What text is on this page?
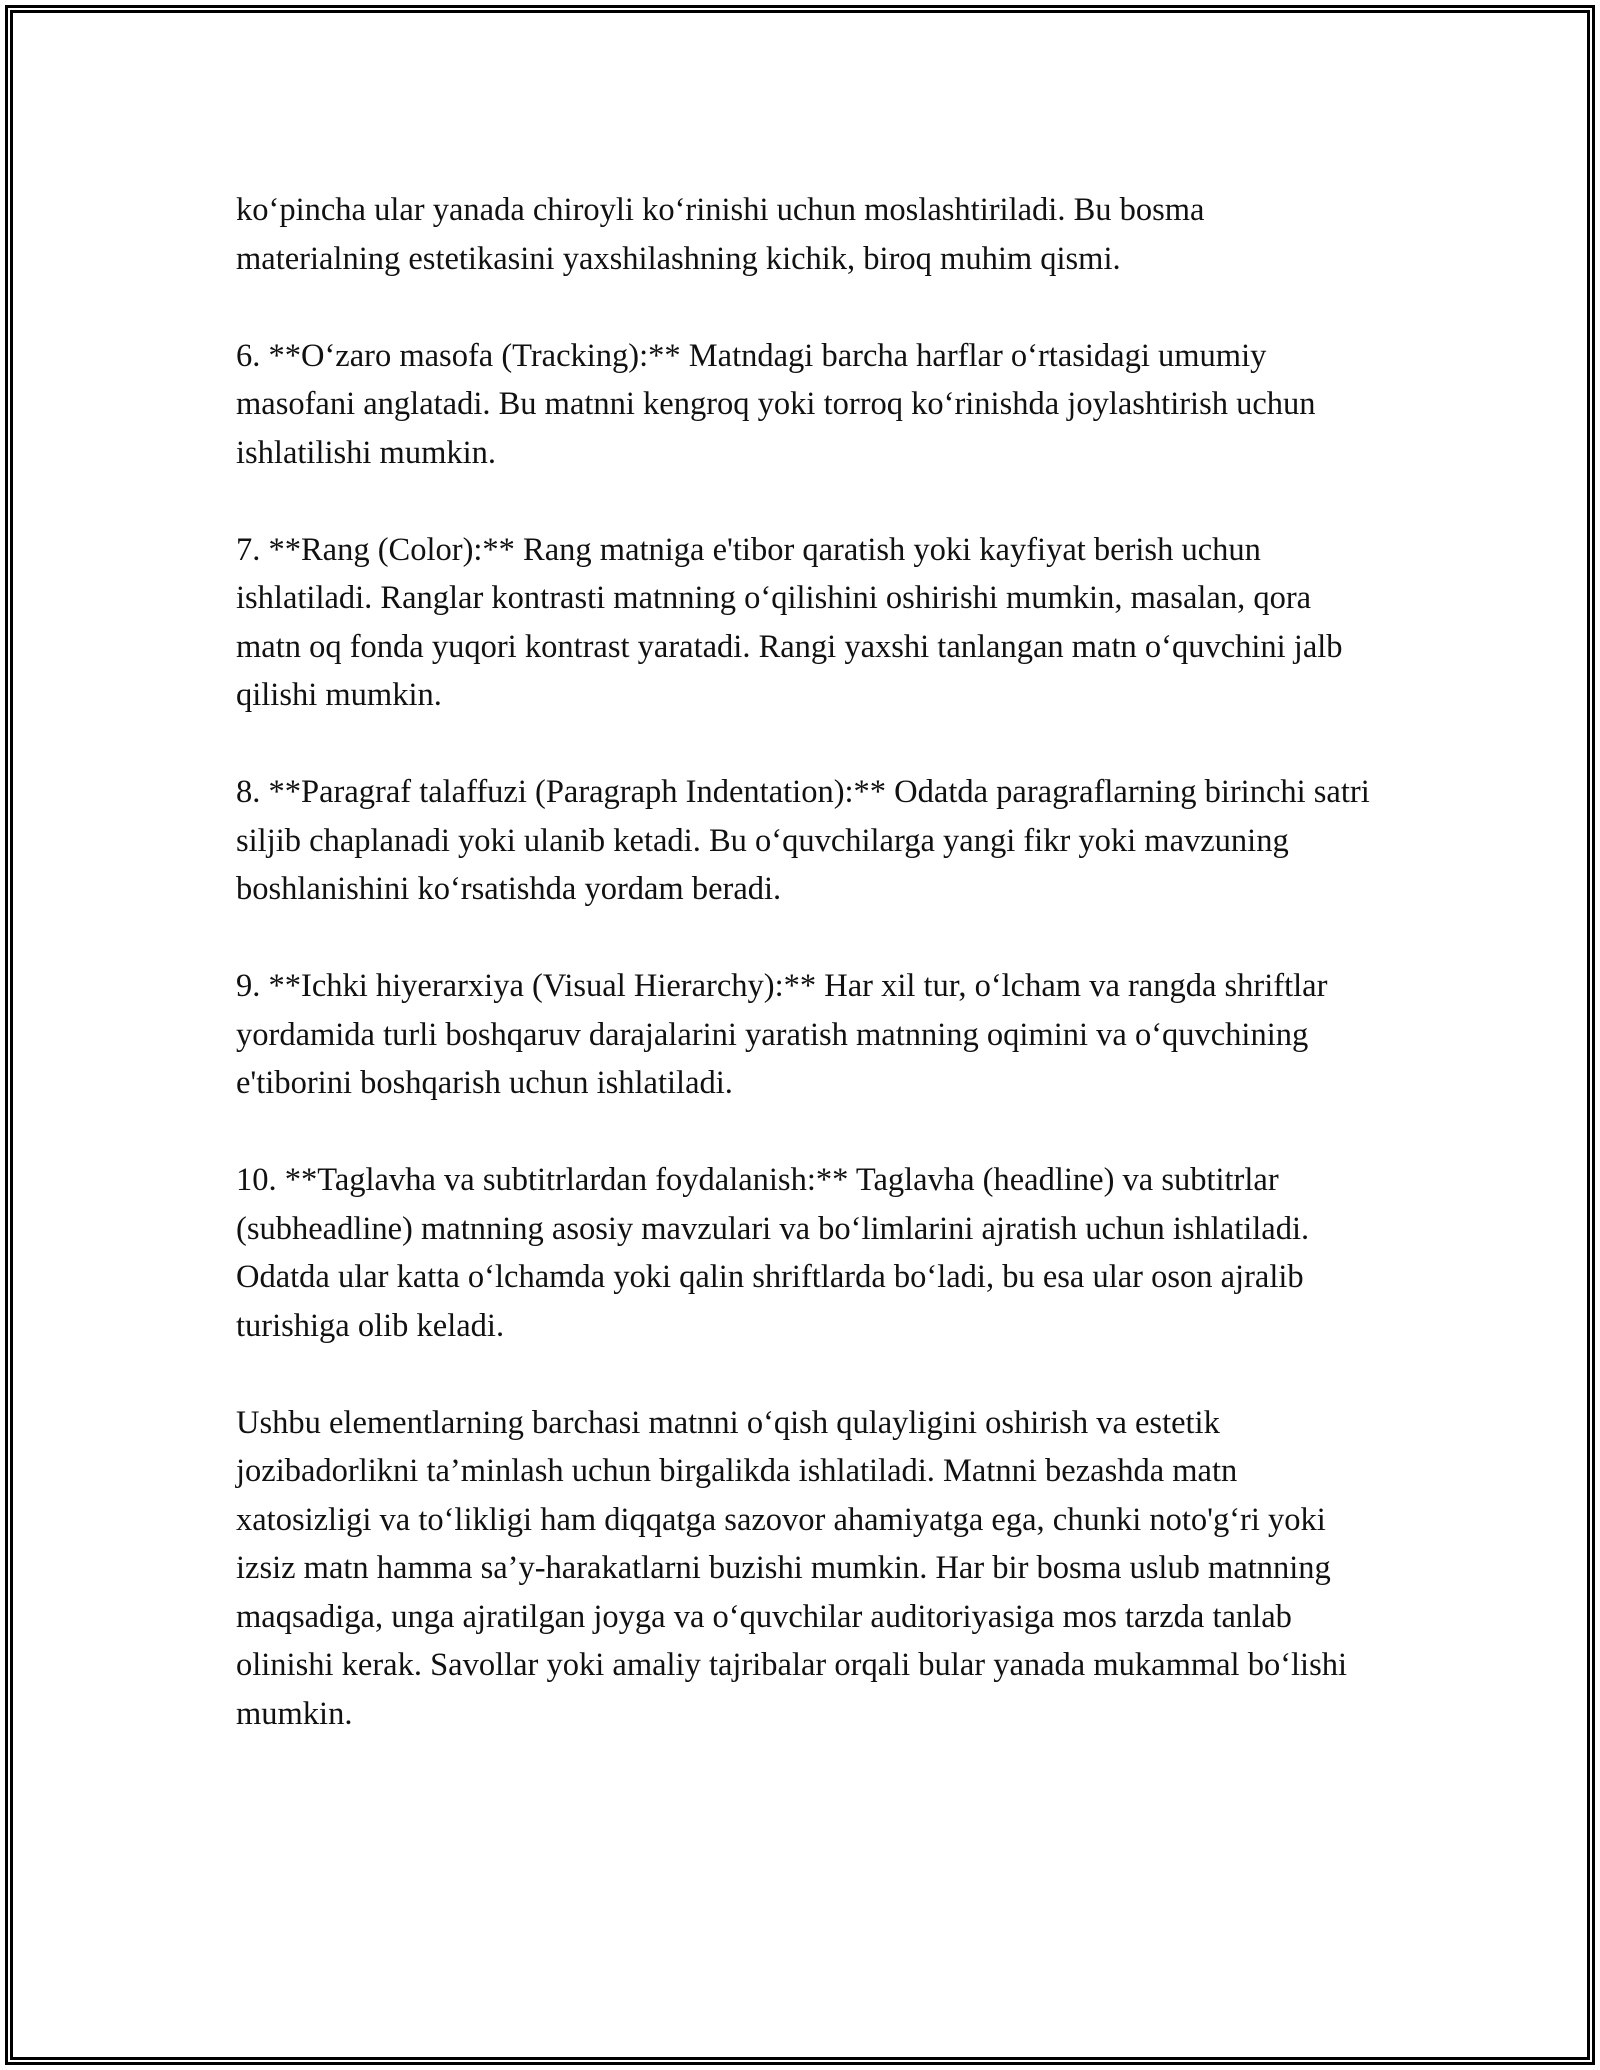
ko‘pincha ular yanada chiroyli ko‘rinishi uchun moslashtiriladi. Bu bosma materialning estetikasini yaxshilashning kichik, biroq muhim qismi.

6. **O‘zaro masofa (Tracking):** Matndagi barcha harflar o‘rtasidagi umumiy masofani anglatadi. Bu matnni kengroq yoki torroq ko‘rinishda joylashtirish uchun ishlatilishi mumkin.

7. **Rang (Color):** Rang matniga e'tibor qaratish yoki kayfiyat berish uchun ishlatiladi. Ranglar kontrasti matnning o‘qilishini oshirishi mumkin, masalan, qora matn oq fonda yuqori kontrast yaratadi. Rangi yaxshi tanlangan matn o‘quvchini jalb qilishi mumkin.

8. **Paragraf talaffuzi (Paragraph Indentation):** Odatda paragraflarning birinchi satri siljib chaplanadi yoki ulanib ketadi. Bu o‘quvchilarga yangi fikr yoki mavzuning boshlanishini ko‘rsatishda yordam beradi.

9. **Ichki hiyerarxiya (Visual Hierarchy):** Har xil tur, o‘lcham va rangda shriftlar yordamida turli boshqaruv darajalarini yaratish matnning oqimini va o‘quvchining e'tiborini boshqarish uchun ishlatiladi.

10. **Taglavha va subtitrlardan foydalanish:** Taglavha (headline) va subtitrlar (subheadline) matnning asosiy mavzulari va bo‘limlarini ajratish uchun ishlatiladi. Odatda ular katta o‘lchamda yoki qalin shriftlarda bo‘ladi, bu esa ular oson ajralib turishiga olib keladi.

Ushbu elementlarning barchasi matnni o‘qish qulayligini oshirish va estetik jozibadorlikni ta’minlash uchun birgalikda ishlatiladi. Matnni bezashda matn xatosizligi va to‘likligi ham diqqatga sazovor ahamiyatga ega, chunki noto'g‘ri yoki izsiz matn hamma sa’y-harakatlarni buzishi mumkin. Har bir bosma uslub matnning maqsadiga, unga ajratilgan joyga va o‘quvchilar auditoriyasiga mos tarzda tanlab olinishi kerak. Savollar yoki amaliy tajribalar orqali bular yanada mukammal bo‘lishi mumkin.
